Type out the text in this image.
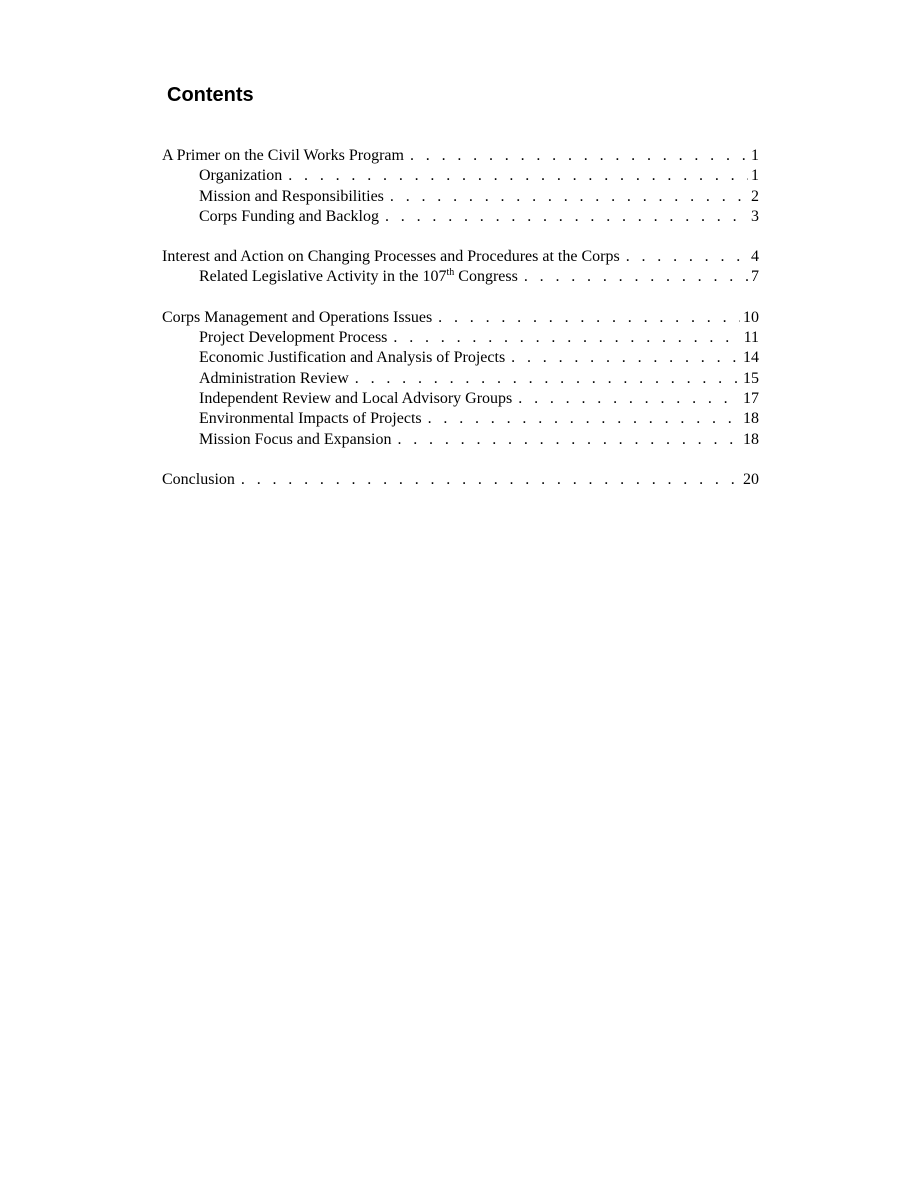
Contents
A Primer on the Civil Works Program . . .	1
Organization . . .	1
Mission and Responsibilities . . .	2
Corps Funding and Backlog . . .	3
Interest and Action on Changing Processes and Procedures at the Corps . . .	4
Related Legislative Activity in the 107th Congress . . .	7
Corps Management and Operations Issues . . .	10
Project Development Process . . .	11
Economic Justification and Analysis of Projects . . .	14
Administration Review . . .	15
Independent Review and Local Advisory Groups . . .	17
Environmental Impacts of Projects . . .	18
Mission Focus and Expansion . . .	18
Conclusion . . .	20
